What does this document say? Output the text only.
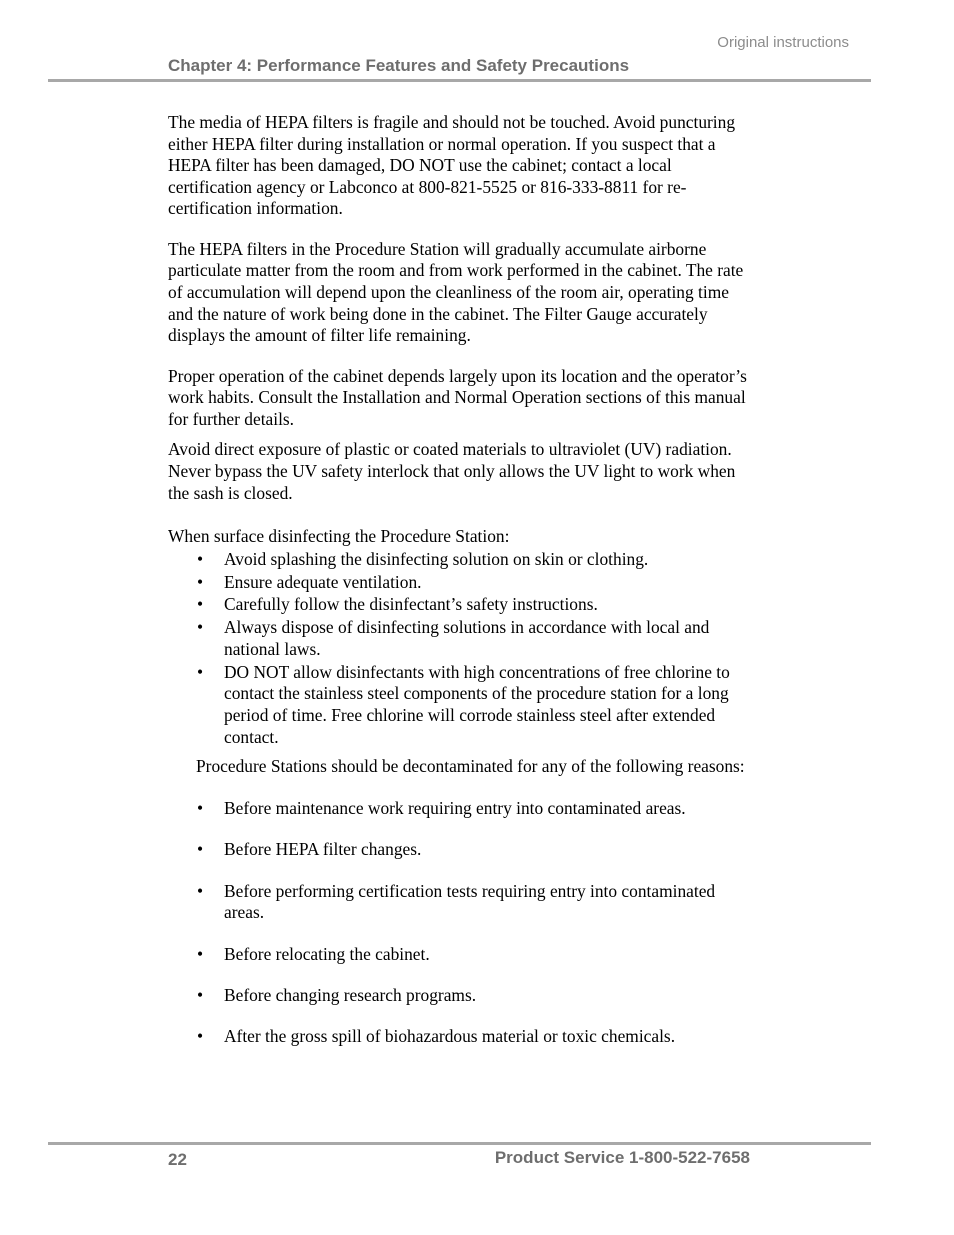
Original instructions
Chapter 4: Performance Features and Safety Precautions

The media of HEPA filters is fragile and should not be touched. Avoid puncturing either HEPA filter during installation or normal operation. If you suspect that a HEPA filter has been damaged, DO NOT use the cabinet; contact a local certification agency or Labconco at 800-821-5525 or 816-333-8811 for re-certification information.

The HEPA filters in the Procedure Station will gradually accumulate airborne particulate matter from the room and from work performed in the cabinet. The rate of accumulation will depend upon the cleanliness of the room air, operating time and the nature of work being done in the cabinet. The Filter Gauge accurately displays the amount of filter life remaining.

Proper operation of the cabinet depends largely upon its location and the operator’s work habits. Consult the Installation and Normal Operation sections of this manual for further details.

Avoid direct exposure of plastic or coated materials to ultraviolet (UV) radiation. Never bypass the UV safety interlock that only allows the UV light to work when the sash is closed.

When surface disinfecting the Procedure Station:

• Avoid splashing the disinfecting solution on skin or clothing.
• Ensure adequate ventilation.
• Carefully follow the disinfectant’s safety instructions.
• Always dispose of disinfecting solutions in accordance with local and national laws.
• DO NOT allow disinfectants with high concentrations of free chlorine to contact the stainless steel components of the procedure station for a long period of time. Free chlorine will corrode stainless steel after extended contact.

Procedure Stations should be decontaminated for any of the following reasons:

• Before maintenance work requiring entry into contaminated areas.
• Before HEPA filter changes.
• Before performing certification tests requiring entry into contaminated areas.
• Before relocating the cabinet.
• Before changing research programs.
• After the gross spill of biohazardous material or toxic chemicals.
22	Product Service 1-800-522-7658
